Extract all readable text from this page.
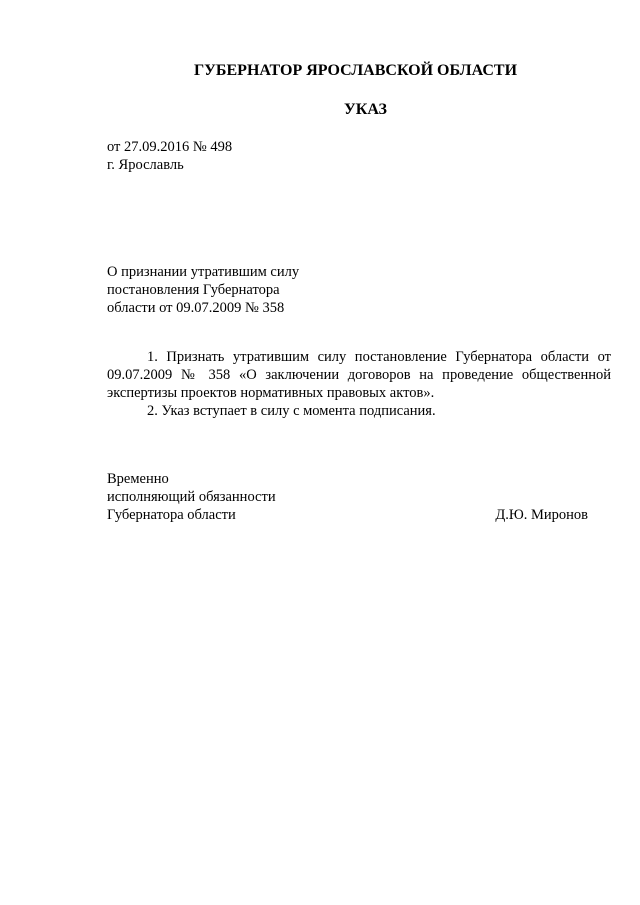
ГУБЕРНАТОР ЯРОСЛАВСКОЙ ОБЛАСТИ
УКАЗ
от 27.09.2016 № 498
г. Ярославль
О признании утратившим силу
постановления Губернатора
области от 09.07.2009 № 358

1. Признать утратившим силу постановление Губернатора области от 09.07.2009 № 358 «О заключении договоров на проведение общественной экспертизы проектов нормативных правовых актов».

2. Указ вступает в силу с момента подписания.

Временно
исполняющий обязанности
Губернатора области	Д.Ю. Миронов
